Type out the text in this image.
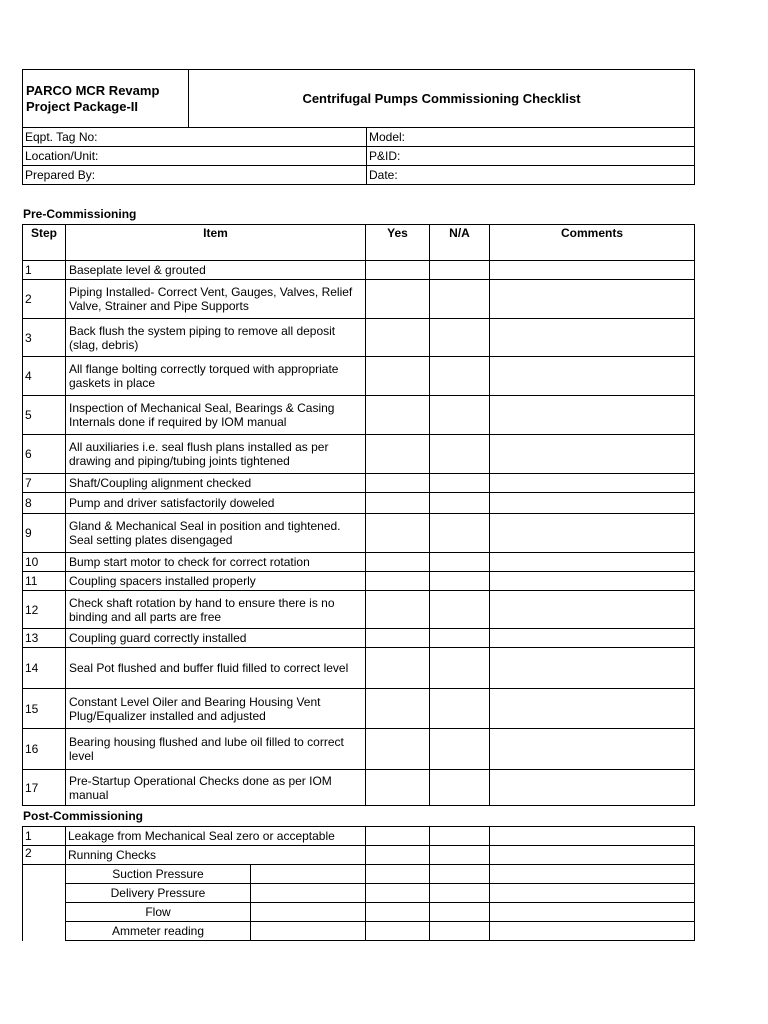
PARCO MCR Revamp
Project Package-II
	Centrifugal Pumps Commissioning Checklist
Eqpt. Tag No:	Model:
Location/Unit:	P&ID:
Prepared By:	Date:
Pre-Commissioning
Step	Item	Yes	N/A	Comments
1	Baseplate level & grouted			
2	Piping Installed- Correct Vent, Gauges, Valves, Relief Valve, Strainer and Pipe Supports			
3	Back flush the system piping to remove all deposit (slag, debris)			
4	All flange bolting correctly torqued with appropriate gaskets in place			
5	Inspection of Mechanical Seal, Bearings & Casing Internals done if required by IOM manual			
6	All auxiliaries i.e. seal flush plans installed as per drawing and piping/tubing joints tightened			
7	Shaft/Coupling alignment checked			
8	Pump and driver satisfactorily doweled			
9	Gland & Mechanical Seal in position and tightened. Seal setting plates disengaged			
10	Bump start motor to check for correct rotation			
11	Coupling spacers installed properly			
12	Check shaft rotation by hand to ensure there is no binding and all parts are free			
13	Coupling guard correctly installed			
14	Seal Pot flushed and buffer fluid filled to correct level			
15	Constant Level Oiler and Bearing Housing Vent Plug/Equalizer installed and adjusted			
16	Bearing housing flushed and lube oil filled to correct level			
17	Pre-Startup Operational Checks done as per IOM manual			
Post-Commissioning
1	Leakage from Mechanical Seal zero or acceptable				
2	Running Checks				
	Suction Pressure				
	Delivery Pressure				
	Flow				
	Ammeter reading				
